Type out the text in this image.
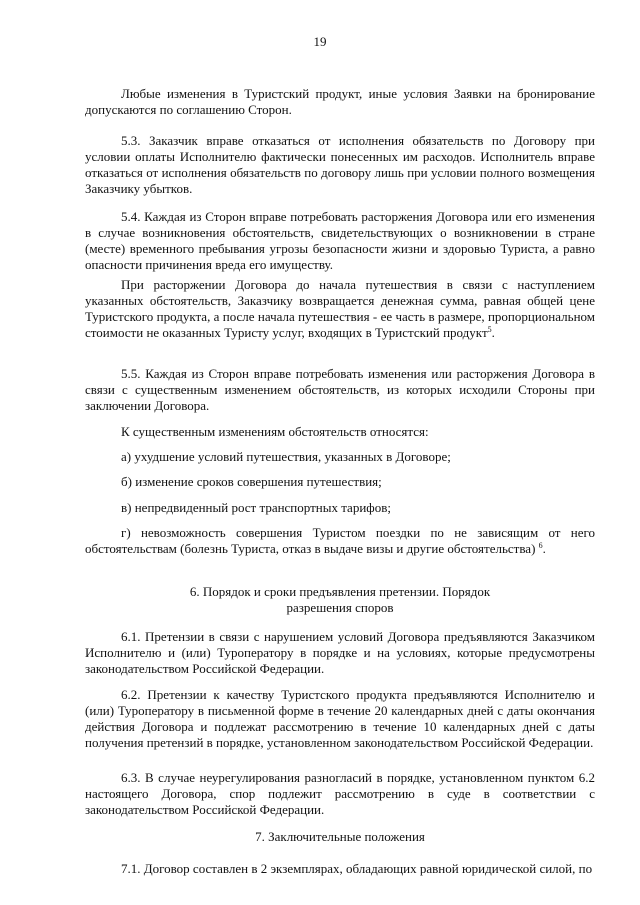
19

Любые изменения в Туристский продукт, иные условия Заявки на бронирование допускаются по соглашению Сторон.

5.3. Заказчик вправе отказаться от исполнения обязательств по Договору при условии оплаты Исполнителю фактически понесенных им расходов. Исполнитель вправе отказаться от исполнения обязательств по договору лишь при условии полного возмещения Заказчику убытков.

5.4. Каждая из Сторон вправе потребовать расторжения Договора или его изменения в случае возникновения обстоятельств, свидетельствующих о возникновении в стране (месте) временного пребывания угрозы безопасности жизни и здоровью Туриста, а равно опасности причинения вреда его имуществу.

При расторжении Договора до начала путешествия в связи с наступлением указанных обстоятельств, Заказчику возвращается денежная сумма, равная общей цене Туристского продукта, а после начала путешествия - ее часть в размере, пропорциональном стоимости не оказанных Туристу услуг, входящих в Туристский продукт$^5$.

5.5. Каждая из Сторон вправе потребовать изменения или расторжения Договора в связи с существенным изменением обстоятельств, из которых исходили Стороны при заключении Договора.

К существенным изменениям обстоятельств относятся:

а) ухудшение условий путешествия, указанных в Договоре;

б) изменение сроков совершения путешествия;

в) непредвиденный рост транспортных тарифов;

г) невозможность совершения Туристом поездки по не зависящим от него обстоятельствам (болезнь Туриста, отказ в выдаче визы и другие обстоятельства) $^6$.

6. Порядок и сроки предъявления претензии. Порядок
разрешения споров

6.1. Претензии в связи с нарушением условий Договора предъявляются Заказчиком Исполнителю и (или) Туроператору в порядке и на условиях, которые предусмотрены законодательством Российской Федерации.

6.2. Претензии к качеству Туристского продукта предъявляются Исполнителю и (или) Туроператору в письменной форме в течение 20 календарных дней с даты окончания действия Договора и подлежат рассмотрению в течение 10 календарных дней с даты получения претензий в порядке, установленном законодательством Российской Федерации.

6.3. В случае неурегулирования разногласий в порядке, установленном пунктом 6.2 настоящего Договора, спор подлежит рассмотрению в суде в соответствии с законодательством Российской Федерации.

7. Заключительные положения

7.1. Договор составлен в 2 экземплярах, обладающих равной юридической силой, по
